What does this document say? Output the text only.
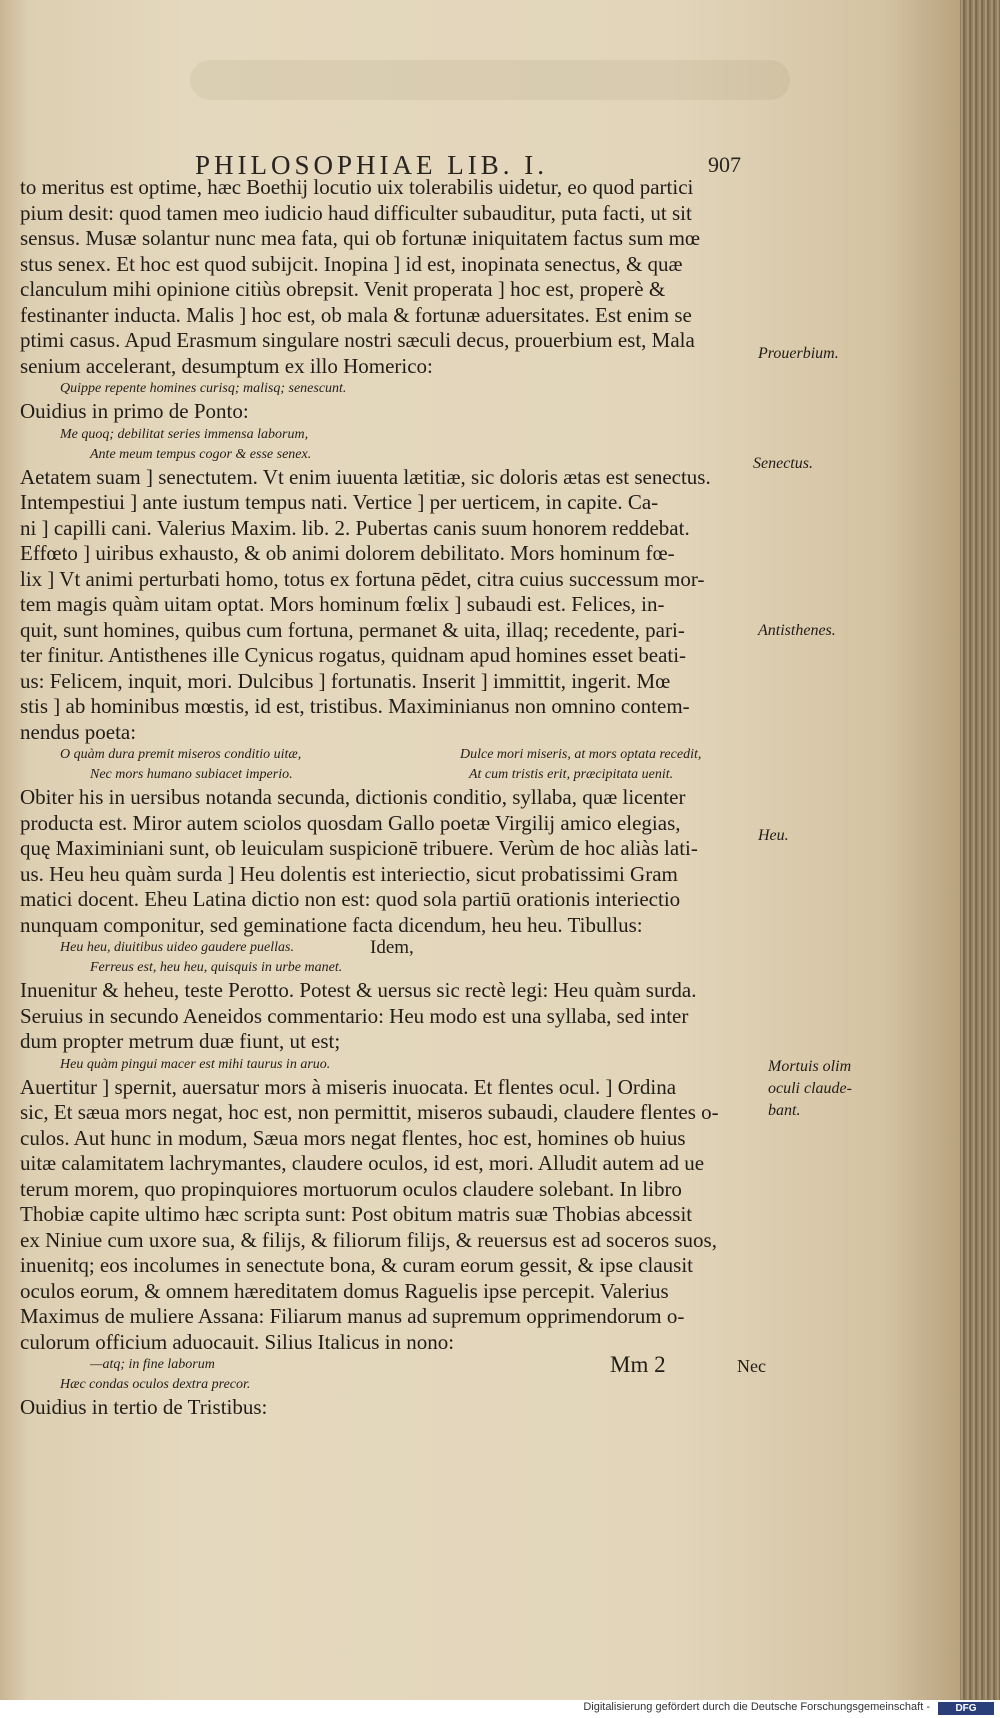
PHILOSOPHIAE LIB. I.	907
to meritus est optime, hæc Boethij locutio uix tolerabilis uidetur, eo quod partici
pium desit: quod tamen meo iudicio haud difficulter subauditur, puta facti, ut sit
sensus. Musæ solantur nunc mea fata, qui ob fortunæ iniquitatem factus sum mœ
stus senex. Et hoc est quod subijcit. Inopina ] id est, inopinata senectus, & quæ
clanculum mihi opinione citiùs obrepsit. Venit properata ] hoc est, properè &
festinanter inducta. Malis ] hoc est, ob mala & fortunæ aduersitates. Est enim se
ptimi casus. Apud Erasmum singulare nostri sæculi decus, prouerbium est, Mala
senium accelerant, desumptum ex illo Homerico:
Quippe repente homines curisq; malisq; senescunt.
Ouidius in primo de Ponto:
Me quoq; debilitat series immensa laborum,
Ante meum tempus cogor & esse senex.
Aetatem suam ] senectutem. Vt enim iuuenta lætitiæ, sic doloris ætas est senectus.
Intempestiui ] ante iustum tempus nati. Vertice ] per uerticem, in capite. Ca-
ni ] capilli cani. Valerius Maxim. lib. 2. Pubertas canis suum honorem reddebat.
Effœto ] uiribus exhausto, & ob animi dolorem debilitato. Mors hominum fœ-
lix ] Vt animi perturbati homo, totus ex fortuna pēdet, citra cuius successum mor-
tem magis quàm uitam optat. Mors hominum fœlix ] subaudi est. Felices, in-
quit, sunt homines, quibus cum fortuna, permanet & uita, illaq; recedente, pari-
ter finitur. Antisthenes ille Cynicus rogatus, quidnam apud homines esset beati-
us: Felicem, inquit, mori. Dulcibus ] fortunatis. Inserit ] immittit, ingerit. Mœ
stis ] ab hominibus mœstis, id est, tristibus. Maximinianus non omnino contem-
nendus poeta:
O quàm dura premit miseros conditio uitæ,	Dulce mori miseris, at mors optata recedit,
Nec mors humano subiacet imperio.	At cum tristis erit, præcipitata uenit.
Obiter his in uersibus notanda secunda, dictionis conditio, syllaba, quæ licenter
producta est. Miror autem sciolos quosdam Gallo poetæ Virgilij amico elegias,
quę Maximiniani sunt, ob leuiculam suspicionē tribuere. Verùm de hoc aliàs lati-
us. Heu heu quàm surda ] Heu dolentis est interiectio, sicut probatissimi Gram
matici docent. Eheu Latina dictio non est: quod sola partiū orationis interiectio
nunquam componitur, sed geminatione facta dicendum, heu heu. Tibullus:
Heu heu, diuitibus uideo gaudere puellas.	Idem,
Ferreus est, heu heu, quisquis in urbe manet.
Inuenitur & heheu, teste Perotto. Potest & uersus sic rectè legi: Heu quàm surda.
Seruius in secundo Aeneidos commentario: Heu modo est una syllaba, sed inter
dum propter metrum duæ fiunt, ut est;
Heu quàm pingui macer est mihi taurus in aruo.
Auertitur ] spernit, auersatur mors à miseris inuocata. Et flentes ocul. ] Ordina
sic, Et sæua mors negat, hoc est, non permittit, miseros subaudi, claudere flentes o-
culos. Aut hunc in modum, Sæua mors negat flentes, hoc est, homines ob huius
uitæ calamitatem lachrymantes, claudere oculos, id est, mori. Alludit autem ad ue
terum morem, quo propinquiores mortuorum oculos claudere solebant. In libro
Thobiæ capite ultimo hæc scripta sunt: Post obitum matris suæ Thobias abcessit
ex Niniue cum uxore sua, & filijs, & filiorum filijs, & reuersus est ad soceros suos,
inuenitq; eos incolumes in senectute bona, & curam eorum gessit, & ipse clausit
oculos eorum, & omnem hæreditatem domus Raguelis ipse percepit. Valerius
Maximus de muliere Assana: Filiarum manus ad supremum opprimendorum o-
culorum officium aduocauit. Silius Italicus in nono:
—atq; in fine laborum
Hæc condas oculos dextra precor.
Ouidius in tertio de Tristibus:
Prouerbium.
Senectus.
Antisthenes.
Heu.
Mortuis olim
oculi claude-
bant.
Mm 2	Nec
Digitalisierung gefördert durch die Deutsche Forschungsgemeinschaft -	DFG
